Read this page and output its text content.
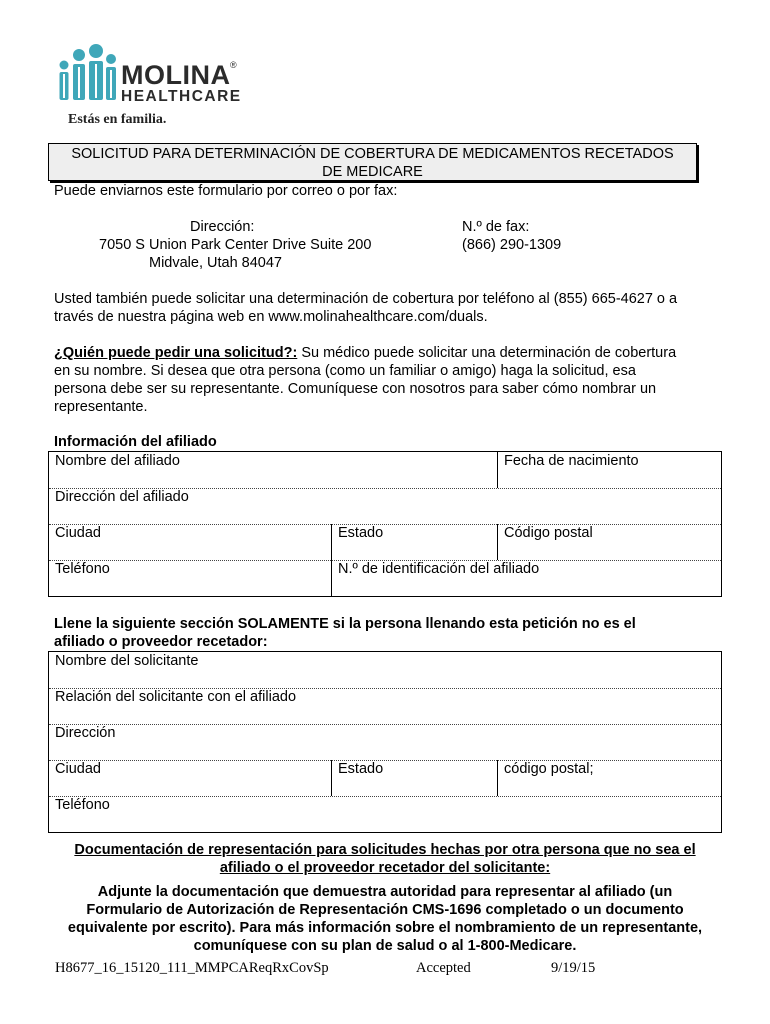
MOLINA ®
HEALTHCARE
Estás en familia.
SOLICITUD PARA DETERMINACIÓN DE COBERTURA DE MEDICAMENTOS RECETADOS
DE MEDICARE
Puede enviarnos este formulario por correo o por fax:
Dirección:
7050 S Union Park Center Drive Suite 200
Midvale, Utah 84047
N.º de fax:
(866) 290-1309
Usted también puede solicitar una determinación de cobertura por teléfono al (855) 665-4627 o a
través de nuestra página web en www.molinahealthcare.com/duals.
¿Quién puede pedir una solicitud?: Su médico puede solicitar una determinación de cobertura
en su nombre. Si desea que otra persona (como un familiar o amigo) haga la solicitud, esa
persona debe ser su representante. Comuníquese con nosotros para saber cómo nombrar un
representante.
Información del afiliado
Nombre del afiliado	Fecha de nacimiento
Dirección del afiliado
Ciudad	Estado	Código postal
Teléfono	N.º de identificación del afiliado
Llene la siguiente sección SOLAMENTE si la persona llenando esta petición no es el
afiliado o proveedor recetador:
Nombre del solicitante
Relación del solicitante con el afiliado
Dirección
Ciudad	Estado	código postal;
Teléfono
Documentación de representación para solicitudes hechas por otra persona que no sea el
afiliado o el proveedor recetador del solicitante:
Adjunte la documentación que demuestra autoridad para representar al afiliado (un
Formulario de Autorización de Representación CMS-1696 completado o un documento
equivalente por escrito). Para más información sobre el nombramiento de un representante,
comuníquese con su plan de salud o al 1-800-Medicare.
H8677_16_15120_111_MMPCAReqRxCovSp	Accepted	9/19/15
